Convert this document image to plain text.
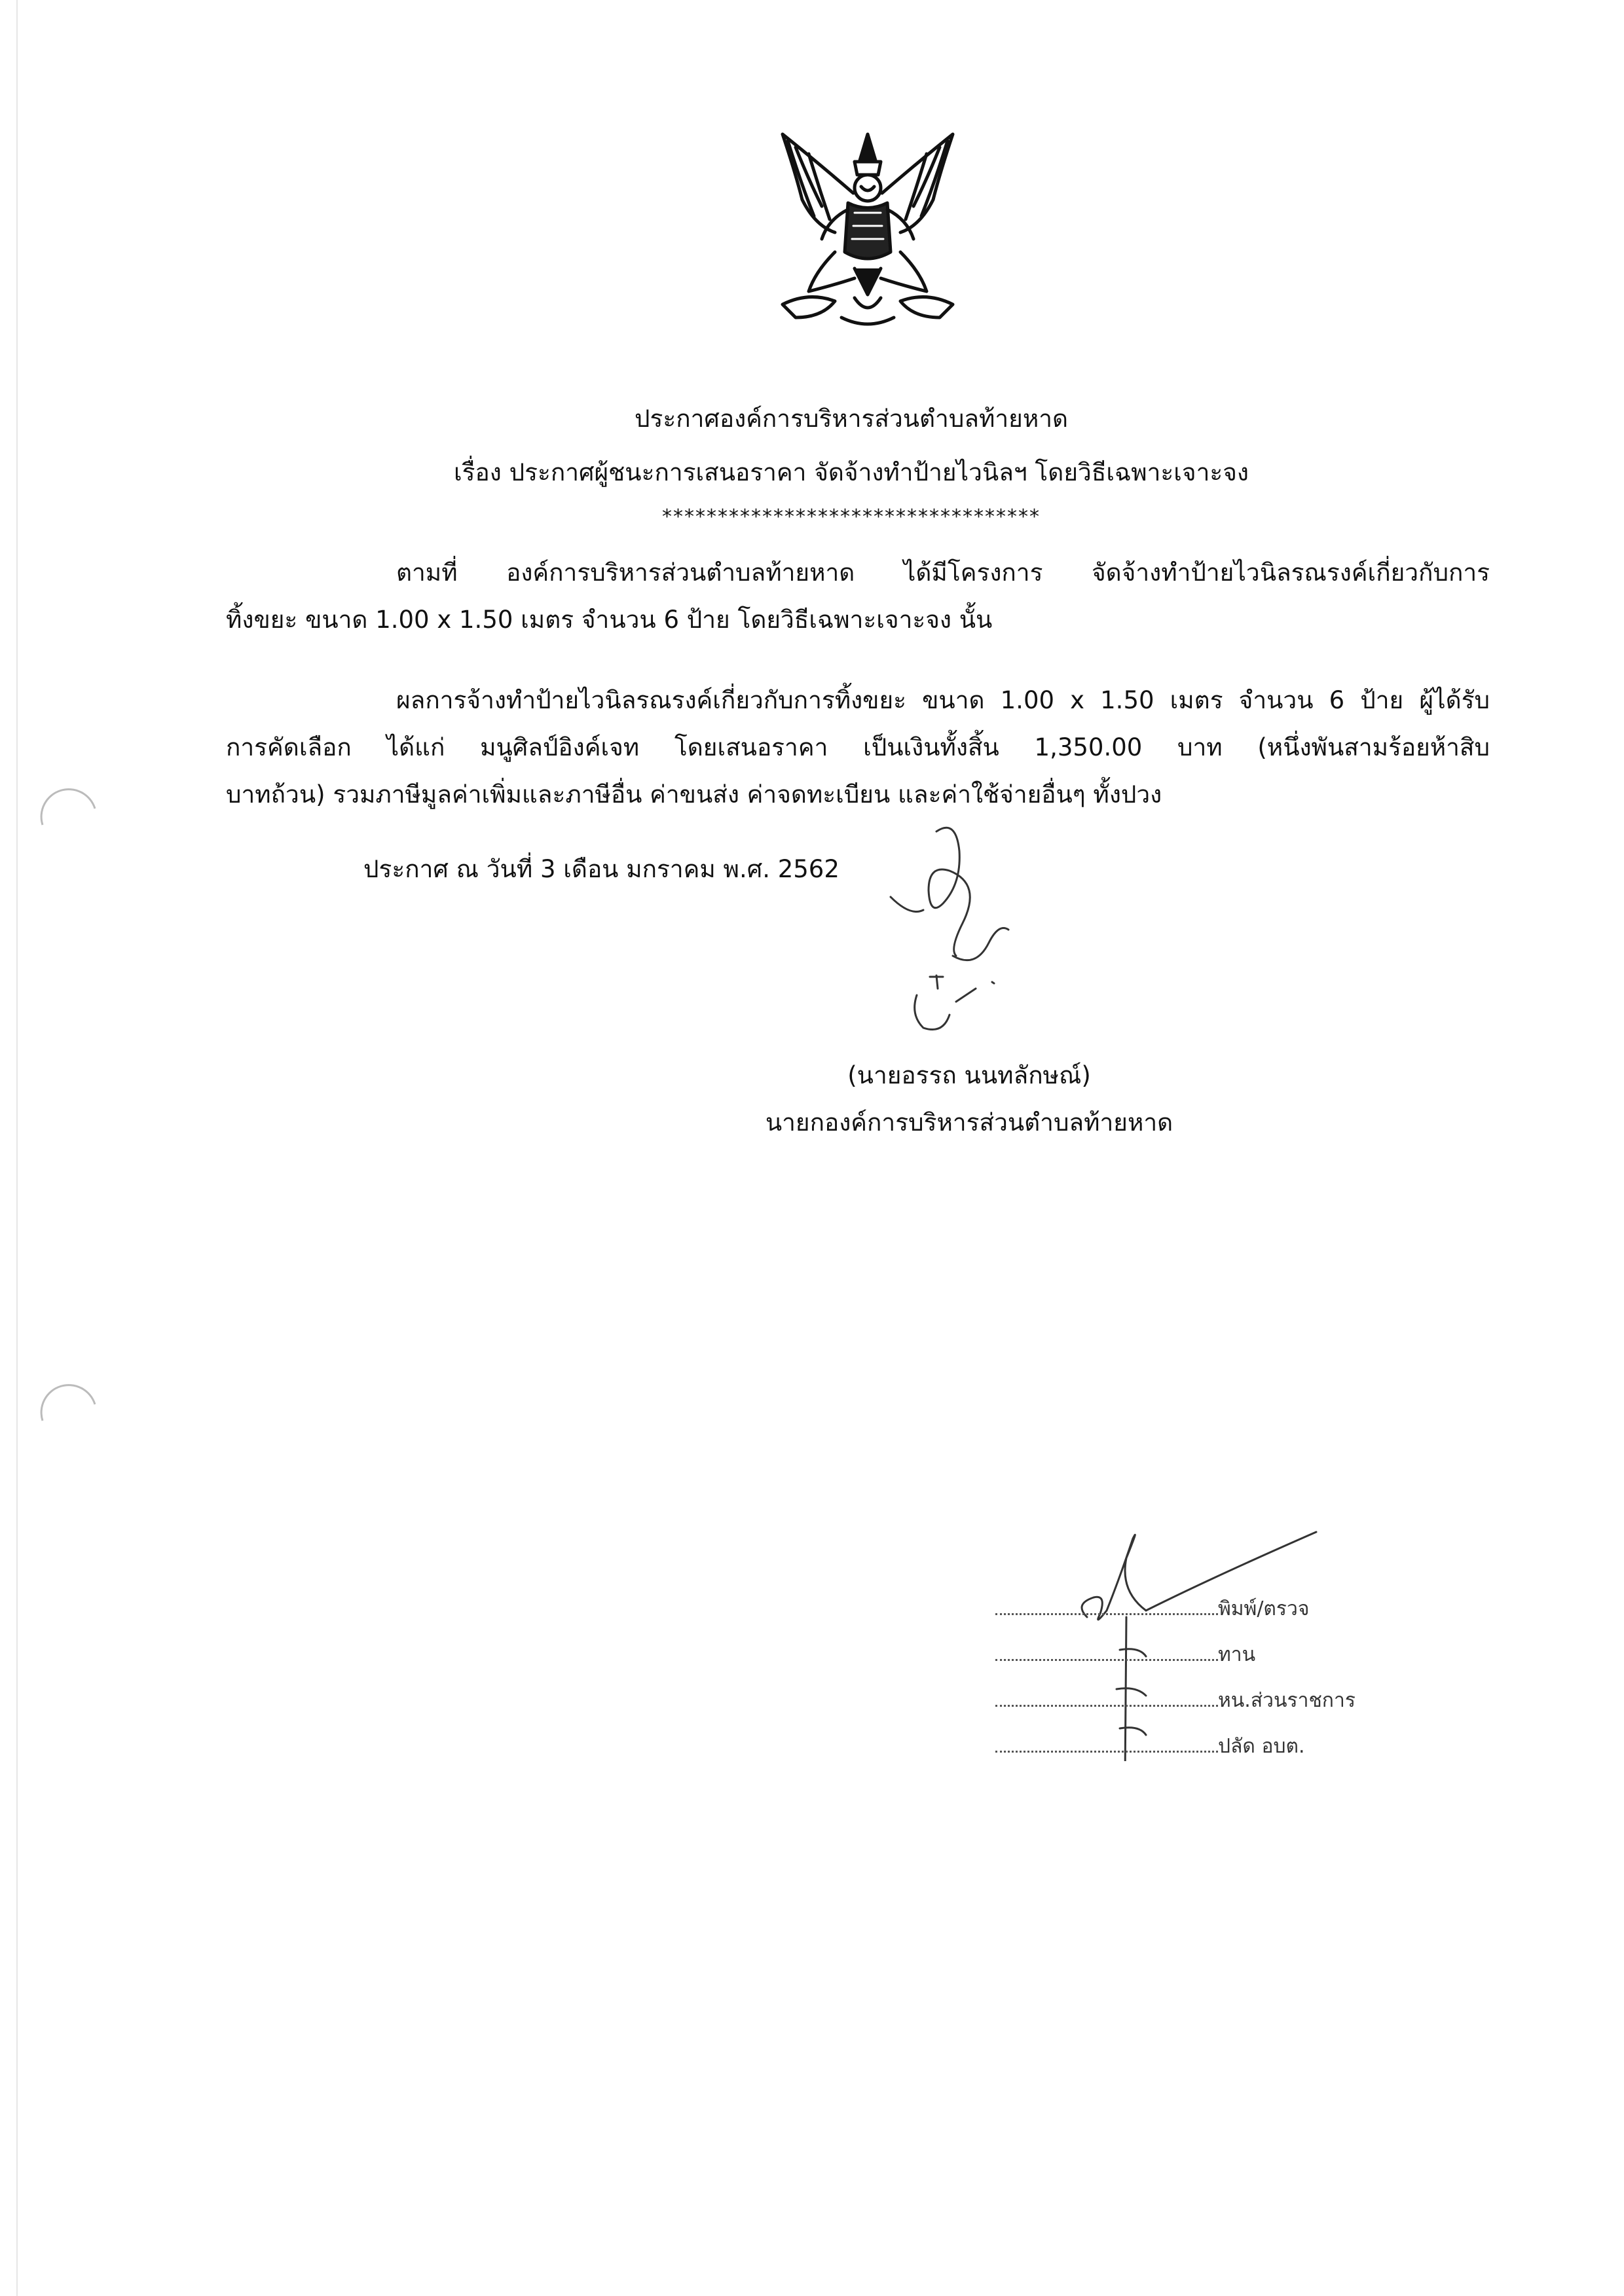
ประกาศองค์การบริหารส่วนตำบลท้ายหาด
เรื่อง ประกาศผู้ชนะการเสนอราคา จัดจ้างทำป้ายไวนิลฯ โดยวิธีเฉพาะเจาะจง
**********************************
ตามที่ องค์การบริหารส่วนตำบลท้ายหาด ได้มีโครงการ จัดจ้างทำป้ายไวนิลรณรงค์เกี่ยวกับการ
ทิ้งขยะ ขนาด 1.00 x 1.50 เมตร จำนวน 6 ป้าย โดยวิธีเฉพาะเจาะจง นั้น
ผลการจ้างทำป้ายไวนิลรณรงค์เกี่ยวกับการทิ้งขยะ ขนาด 1.00 x 1.50 เมตร จำนวน 6 ป้าย ผู้ได้รับ
การคัดเลือก ได้แก่ มนูศิลป์อิงค์เจท โดยเสนอราคา เป็นเงินทั้งสิ้น 1,350.00 บาท (หนึ่งพันสามร้อยห้าสิบ
บาทถ้วน) รวมภาษีมูลค่าเพิ่มและภาษีอื่น ค่าขนส่ง ค่าจดทะเบียน และค่าใช้จ่ายอื่นๆ ทั้งปวง
ประกาศ ณ วันที่ 3 เดือน มกราคม พ.ศ. 2562
(นายอรรถ นนทลักษณ์)
นายกองค์การบริหารส่วนตำบลท้ายหาด
พิมพ์/ตรวจ
ทาน
หน.ส่วนราชการ
ปลัด อบต.
